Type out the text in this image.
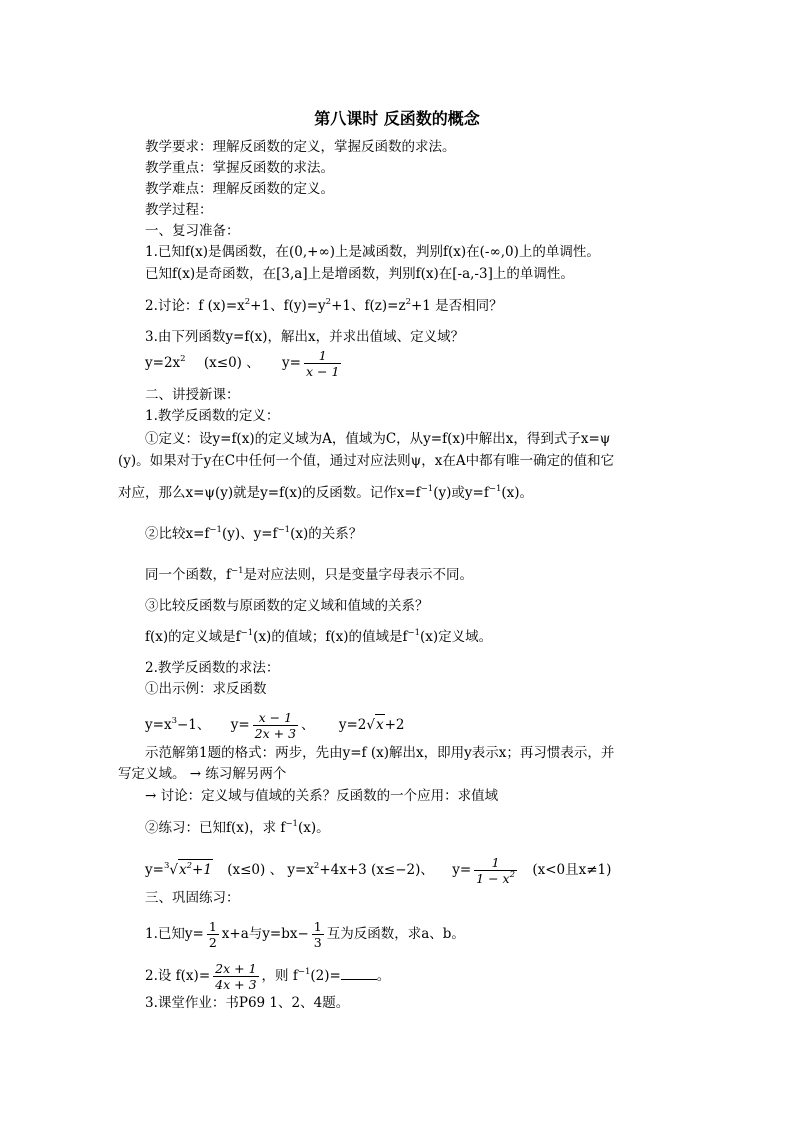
第八课时 反函数的概念
教学要求：理解反函数的定义，掌握反函数的求法。
教学重点：掌握反函数的求法。
教学难点：理解反函数的定义。
教学过程：
一、复习准备：
1.已知f(x)是偶函数，在(0,+∞)上是减函数，判别f(x)在(-∞,0)上的单调性。
已知f(x)是奇函数，在[3,a]上是增函数，判别f(x)在[-a,-3]上的单调性。
2.讨论：f $(x)=x^2+1$、$f(y)=y^2+1$、$f(z)=z^2+1$ 是否相同？
3.由下列函数y=f(x)，解出x，并求出值域、定义域？
$y=2x^2$ (x≤0) 、 $y= \frac{1}{x - 1}$
二、讲授新课：
1.教学反函数的定义：
①定义：设y=f(x)的定义域为A，值域为C，从y=f(x)中解出x，得到式子x=ψ
(y)。如果对于y在C中任何一个值，通过对应法则ψ，x在A中都有唯一确定的值和它
对应，那么x=ψ(y)就是y=f(x)的反函数。记作$x=f^{-1}(y)$或$y=f^{-1}(x)$。
②比较$x=f^{-1}(y)$、$y=f^{-1}(x)$的关系？
同一个函数，$f^{-1}$是对应法则，只是变量字母表示不同。
③比较反函数与原函数的定义域和值域的关系？
f(x)的定义域是$f^{-1}(x)$的值域；f(x)的值域是$f^{-1}(x)$定义域。
2.教学反函数的求法：
①出示例：求反函数
$y=x^3-1$、 $y= \frac{x - 1}{2x + 3}$ 、 y=2√x+2
示范解第1题的格式：两步，先由y=f (x)解出x，即用y表示x；再习惯表示，并
写定义域。 → 练习解另两个
→ 讨论：定义域与值域的关系？反函数的一个应用：求值域
②练习：已知f(x)，求 $f^{-1}(x)$。
$y=^3√x^2+1$ (x≤0) 、 $y=x^2+4x+3$ (x≤−2)、 $y= \frac{1}{1 - x^2} (x<0$且x≠1)
三、巩固练习：
1.已知$y= \frac{1}{2} x+a$与$y=bx- \frac{1}{3}$ 互为反函数，求a、b。
2.设 $f(x)= \frac{2x + 1}{4x + 3}$ ，则 $f^{-1}(2)=$	。
3.课堂作业：书P69 1、2、4题。
